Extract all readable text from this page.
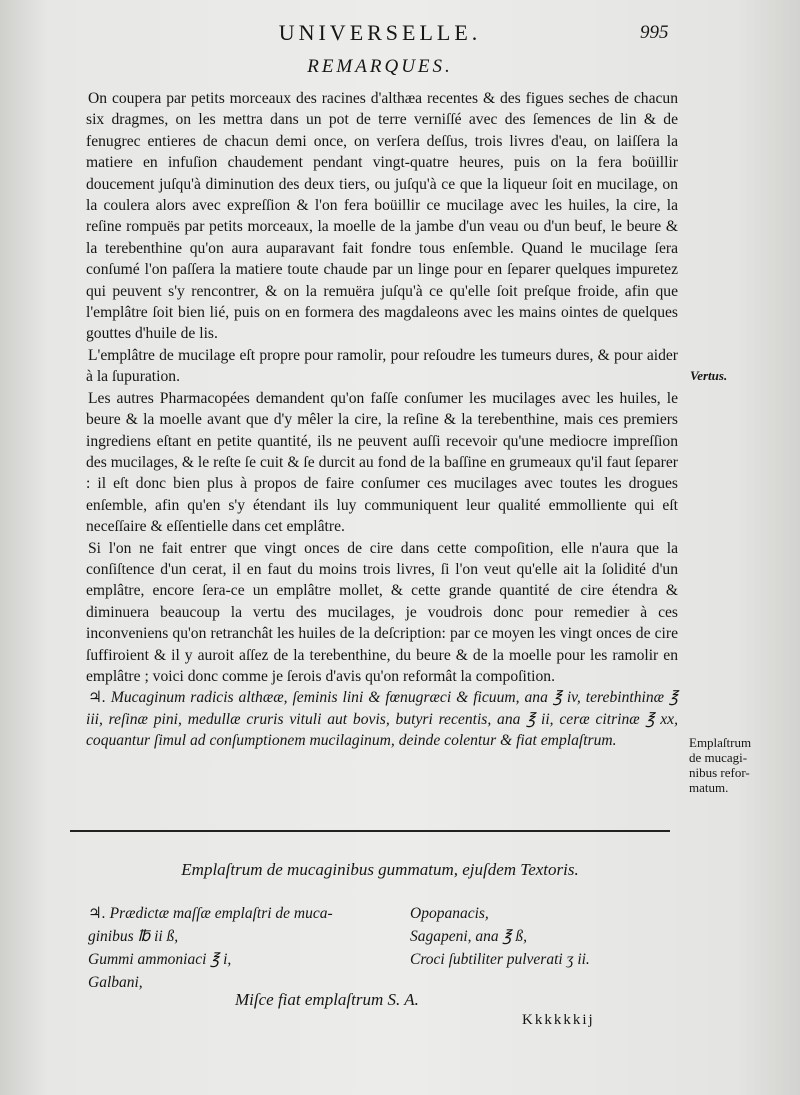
UNIVERSELLE.	995
REMARQUES.

On coupera par petits morceaux des racines d'althæa recentes & des figues seches de chacun six dragmes, on les mettra dans un pot de terre verniſſé avec des ſemences de lin & de fenugrec entieres de chacun demi once, on verſera deſſus, trois livres d'eau, on laiſſera la matiere en infuſion chaudement pendant vingt-quatre heures, puis on la fera boüillir doucement juſqu'à diminution des deux tiers, ou juſqu'à ce que la liqueur ſoit en mucilage, on la coulera alors avec expreſſion & l'on fera boüillir ce mucilage avec les huiles, la cire, la reſine rompuës par petits morceaux, la moelle de la jambe d'un veau ou d'un beuf, le beure & la terebenthine qu'on aura auparavant fait fondre tous enſemble. Quand le mucilage ſera conſumé l'on paſſera la matiere toute chaude par un linge pour en ſeparer quelques impuretez qui peuvent s'y rencontrer, & on la remuëra juſqu'à ce qu'elle ſoit preſque froide, afin que l'emplâtre ſoit bien lié, puis on en formera des magdaleons avec les mains ointes de quelques gouttes d'huile de lis.

L'emplâtre de mucilage eſt propre pour ramolir, pour reſoudre les tumeurs dures, & pour aider à la ſupuration.

Les autres Pharmacopées demandent qu'on faſſe conſumer les mucilages avec les huiles, le beure & la moelle avant que d'y mêler la cire, la reſine & la terebenthine, mais ces premiers ingrediens eſtant en petite quantité, ils ne peuvent auſſi recevoir qu'une mediocre impreſſion des mucilages, & le reſte ſe cuit & ſe durcit au fond de la baſſine en grumeaux qu'il faut ſeparer : il eſt donc bien plus à propos de faire conſumer ces mucilages avec toutes les drogues enſemble, afin qu'en s'y étendant ils luy communiquent leur qualité emmolliente qui eſt neceſſaire & eſſentielle dans cet emplâtre.

Si l'on ne fait entrer que vingt onces de cire dans cette compoſition, elle n'aura que la conſiſtence d'un cerat, il en faut du moins trois livres, ſi l'on veut qu'elle ait la ſolidité d'un emplâtre, encore ſera-ce un emplâtre mollet, & cette grande quantité de cire étendra & diminuera beaucoup la vertu des mucilages, je voudrois donc pour remedier à ces inconveniens qu'on retranchât les huiles de la deſcription: par ce moyen les vingt onces de cire ſuffiroient & il y auroit aſſez de la terebenthine, du beure & de la moelle pour les ramolir en emplâtre ; voici donc comme je ſerois d'avis qu'on reformât la compoſition.

♃. Mucaginum radicis althææ, ſeminis lini & fœnugræci & ficuum, ana ℥ iv, terebinthinæ ℥ iii, reſinæ pini, medullæ cruris vituli aut bovis, butyri recentis, ana ℥ ii, ceræ citrinæ ℥ xx, coquantur ſimul ad conſumptionem mucilaginum, deinde colentur & fiat emplaſtrum.

Vertus.
Emplaſtrum
de mucagi-
nibus refor-
matum.
Emplaſtrum de mucaginibus gummatum, ejuſdem Textoris.
♃. Prædictæ maſſæ emplaſtri de muca-
ginibus ℔ ii ß,
Gummi ammoniaci ℥ i,
Galbani,
Opopanacis,
Sagapeni, ana ℥ ß,
Croci ſubtiliter pulverati ʒ ii.
Miſce fiat emplaſtrum S. A.
Kkkkkkij
